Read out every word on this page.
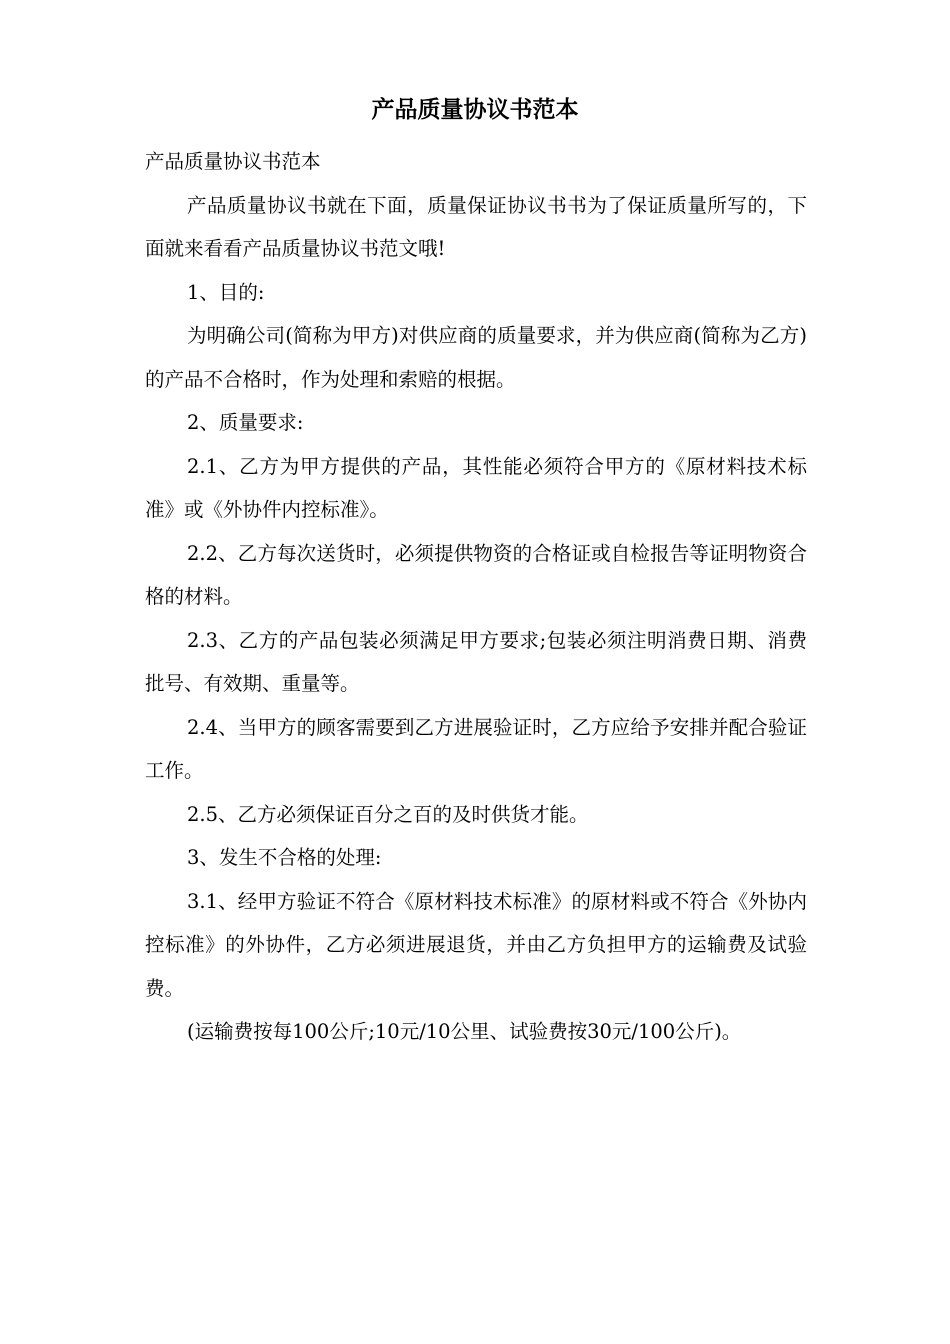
产品质量协议书范本

产品质量协议书范本

产品质量协议书就在下面，质量保证协议书书为了保证质量所写的，下面就来看看产品质量协议书范文哦!

1、目的:

为明确公司(简称为甲方)对供应商的质量要求，并为供应商(简称为乙方)的产品不合格时，作为处理和索赔的根据。

2、质量要求:

2.1、乙方为甲方提供的产品，其性能必须符合甲方的《原材料技术标准》或《外协件内控标准》。

2.2、乙方每次送货时，必须提供物资的合格证或自检报告等证明物资合格的材料。

2.3、乙方的产品包装必须满足甲方要求;包装必须注明消费日期、消费批号、有效期、重量等。

2.4、当甲方的顾客需要到乙方进展验证时，乙方应给予安排并配合验证工作。

2.5、乙方必须保证百分之百的及时供货才能。

3、发生不合格的处理:

3.1、经甲方验证不符合《原材料技术标准》的原材料或不符合《外协内控标准》的外协件，乙方必须进展退货，并由乙方负担甲方的运输费及试验费。

(运输费按每100公斤;10元/10公里、试验费按30元/100公斤)。
